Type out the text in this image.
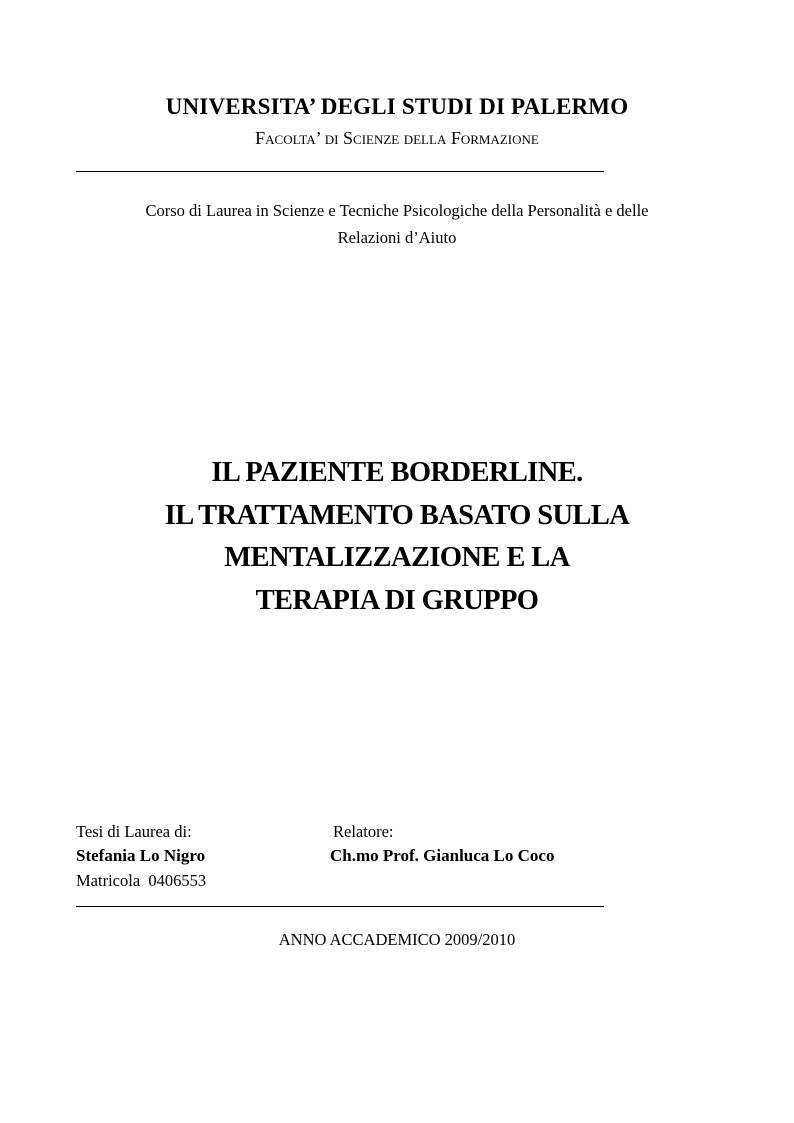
UNIVERSITA’ DEGLI STUDI DI PALERMO
Facolta’ di Scienze della Formazione
Corso di Laurea in Scienze e Tecniche Psicologiche della Personalità e delle
Relazioni d’Aiuto
IL PAZIENTE BORDERLINE.
IL TRATTAMENTO BASATO SULLA
MENTALIZZAZIONE E LA
TERAPIA DI GRUPPO
Tesi di Laurea di:	Relatore:
Stefania Lo Nigro	Ch.mo Prof. Gianluca Lo Coco
Matricola  0406553
ANNO ACCADEMICO 2009/2010
